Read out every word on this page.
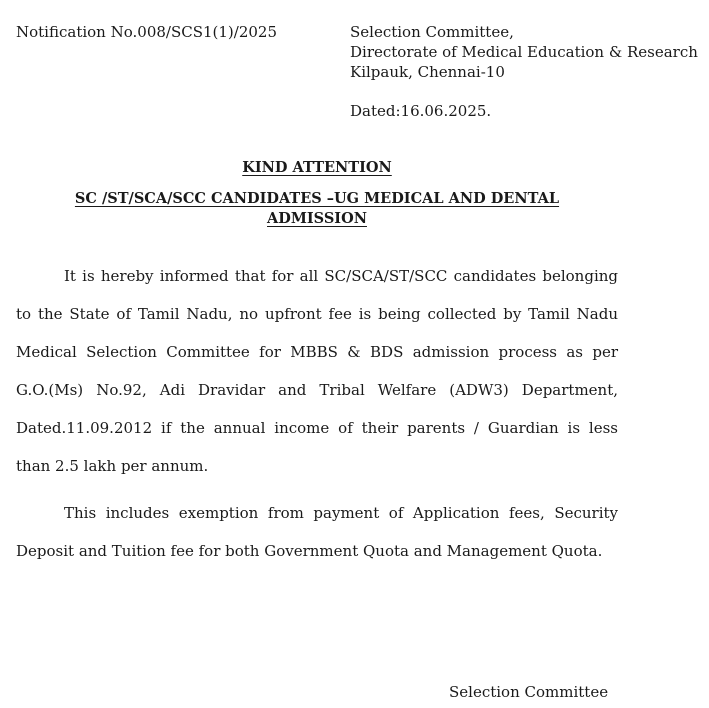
Notification No.008/SCS1(1)/2025	Selection Committee,
Directorate of Medical Education & Research
Kilpauk, Chennai-10
Dated:16.06.2025.
KIND ATTENTION
SC /ST/SCA/SCC CANDIDATES –UG MEDICAL AND DENTAL
ADMISSION

It is hereby informed that for all SC/SCA/ST/SCC candidates belonging
to the State of Tamil Nadu, no upfront fee is being collected by Tamil Nadu
Medical Selection Committee for MBBS & BDS admission process as per
G.O.(Ms) No.92, Adi Dravidar and Tribal Welfare (ADW3) Department,
Dated.11.09.2012 if the annual income of their parents / Guardian is less
than 2.5 lakh per annum.

This includes exemption from payment of Application fees, Security
Deposit and Tuition fee for both Government Quota and Management Quota.

Selection Committee
